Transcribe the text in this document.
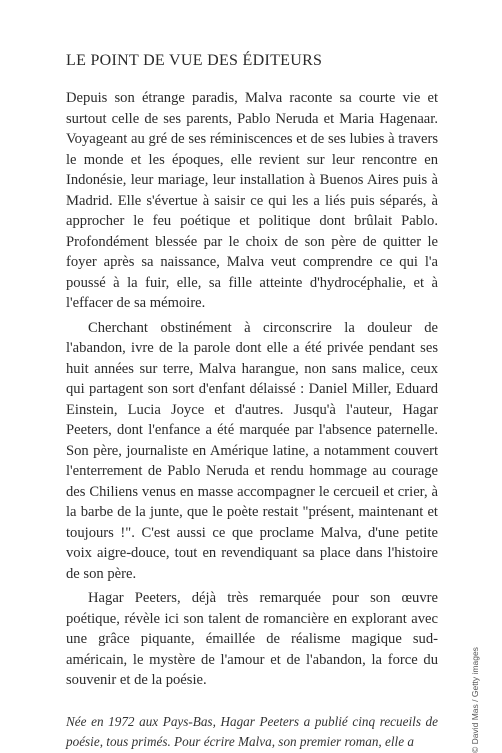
LE POINT DE VUE DES ÉDITEURS

Depuis son étrange paradis, Malva raconte sa courte vie et surtout celle de ses parents, Pablo Neruda et Maria Hagenaar. Voyageant au gré de ses réminiscences et de ses lubies à travers le monde et les époques, elle revient sur leur rencontre en Indonésie, leur mariage, leur installation à Buenos Aires puis à Madrid. Elle s'évertue à saisir ce qui les a liés puis séparés, à approcher le feu poétique et politique dont brûlait Pablo. Profondément blessée par le choix de son père de quitter le foyer après sa naissance, Malva veut comprendre ce qui l'a poussé à la fuir, elle, sa fille atteinte d'hydrocéphalie, et à l'effacer de sa mémoire.

Cherchant obstinément à circonscrire la douleur de l'abandon, ivre de la parole dont elle a été privée pendant ses huit années sur terre, Malva harangue, non sans malice, ceux qui partagent son sort d'enfant délaissé : Daniel Miller, Eduard Einstein, Lucia Joyce et d'autres. Jusqu'à l'auteur, Hagar Peeters, dont l'enfance a été marquée par l'absence paternelle. Son père, journaliste en Amérique latine, a notamment couvert l'enterrement de Pablo Neruda et rendu hommage au courage des Chiliens venus en masse accompagner le cercueil et crier, à la barbe de la junte, que le poète restait "présent, maintenant et toujours !". C'est aussi ce que proclame Malva, d'une petite voix aigre-douce, tout en revendiquant sa place dans l'histoire de son père.

Hagar Peeters, déjà très remarquée pour son œuvre poétique, révèle ici son talent de romancière en explorant avec une grâce piquante, émaillée de réalisme magique sud-américain, le mystère de l'amour et de l'abandon, la force du souvenir et de la poésie.

Née en 1972 aux Pays-Bas, Hagar Peeters a publié cinq recueils de poésie, tous primés. Pour écrire Malva, son premier roman, elle a	© David Mas / Getty images
